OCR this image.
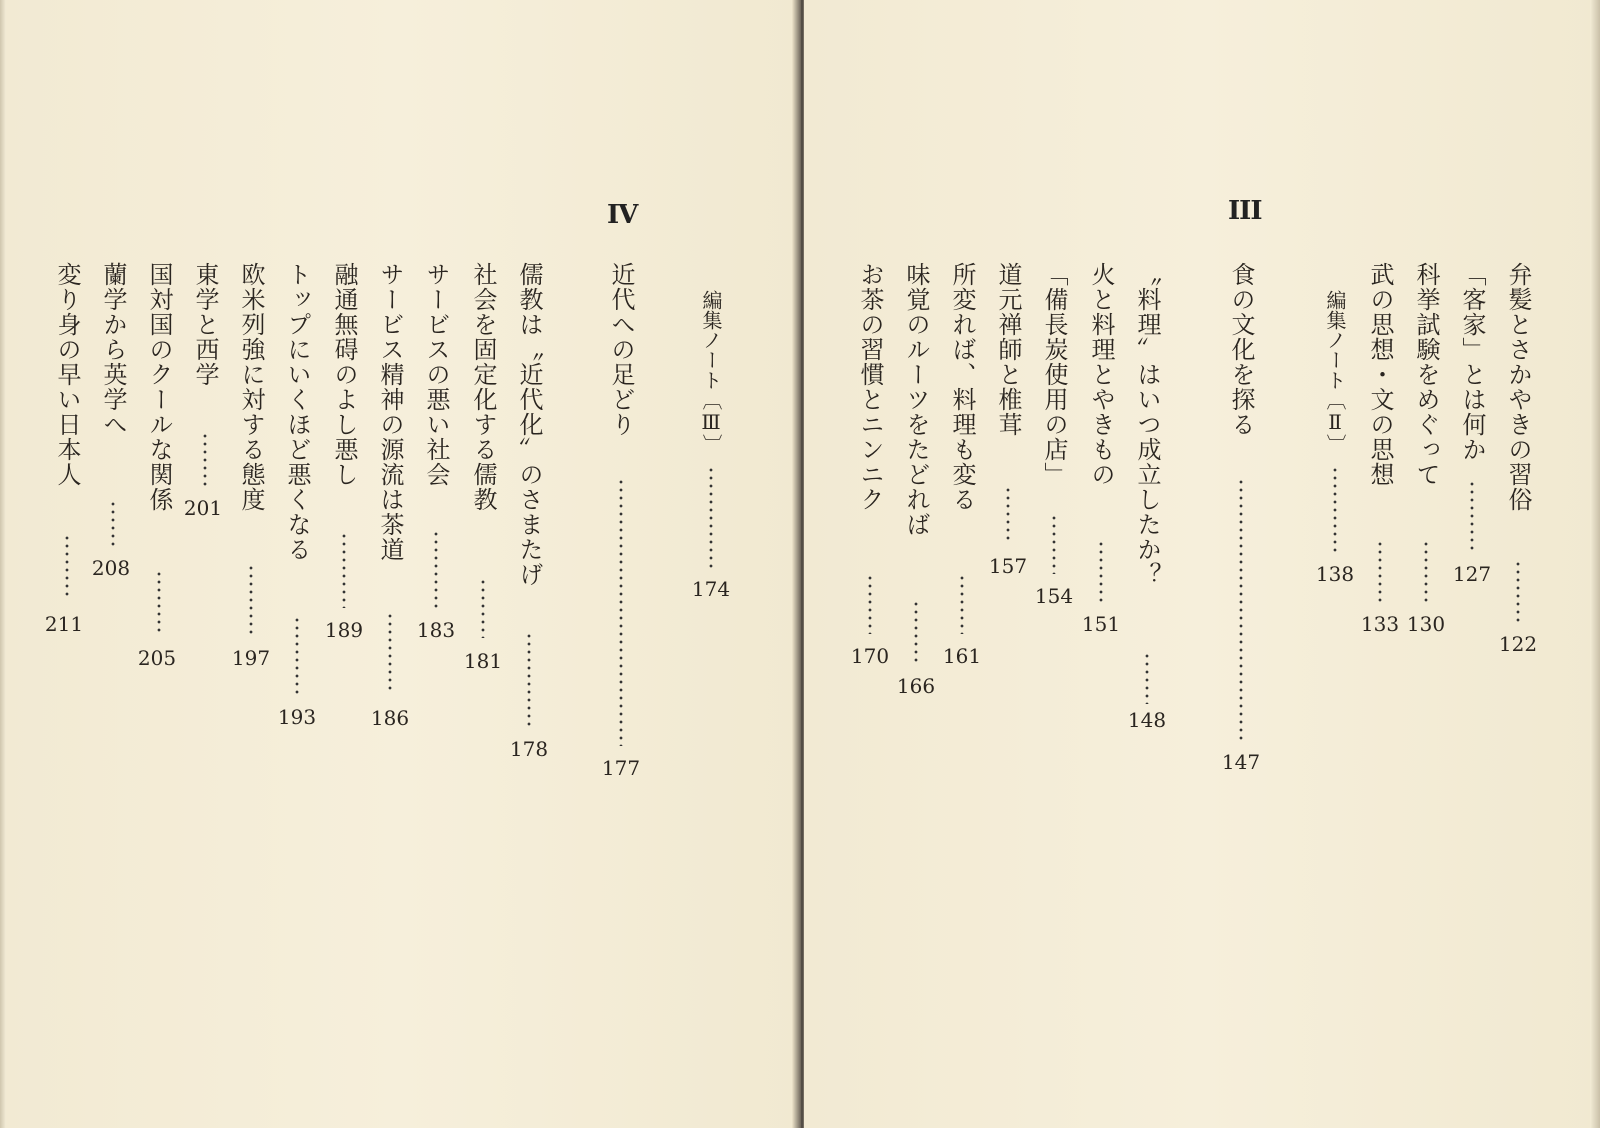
IV
編集ノート〔Ⅲ〕
174
近代への足どり
177
儒教は〝近代化〟のさまたげ
178
社会を固定化する儒教
181
サービスの悪い社会
183
サービス精神の源流は茶道
186
融通無碍のよし悪し
189
トップにいくほど悪くなる
193
欧米列強に対する態度
197
東学と西学
201
国対国のクールな関係
205
蘭学から英学へ
208
変り身の早い日本人
211
III
弁髪とさかやきの習俗
122
「客家」とは何か
127
科挙試験をめぐって
130
武の思想・文の思想
133
編集ノート〔Ⅱ〕
138
食の文化を探る
147
〝料理〟はいつ成立したか？
148
火と料理とやきもの
151
「備長炭使用の店」
154
道元禅師と椎茸
157
所変れば、料理も変る
161
味覚のルーツをたどれば
166
お茶の習慣とニンニク
170
